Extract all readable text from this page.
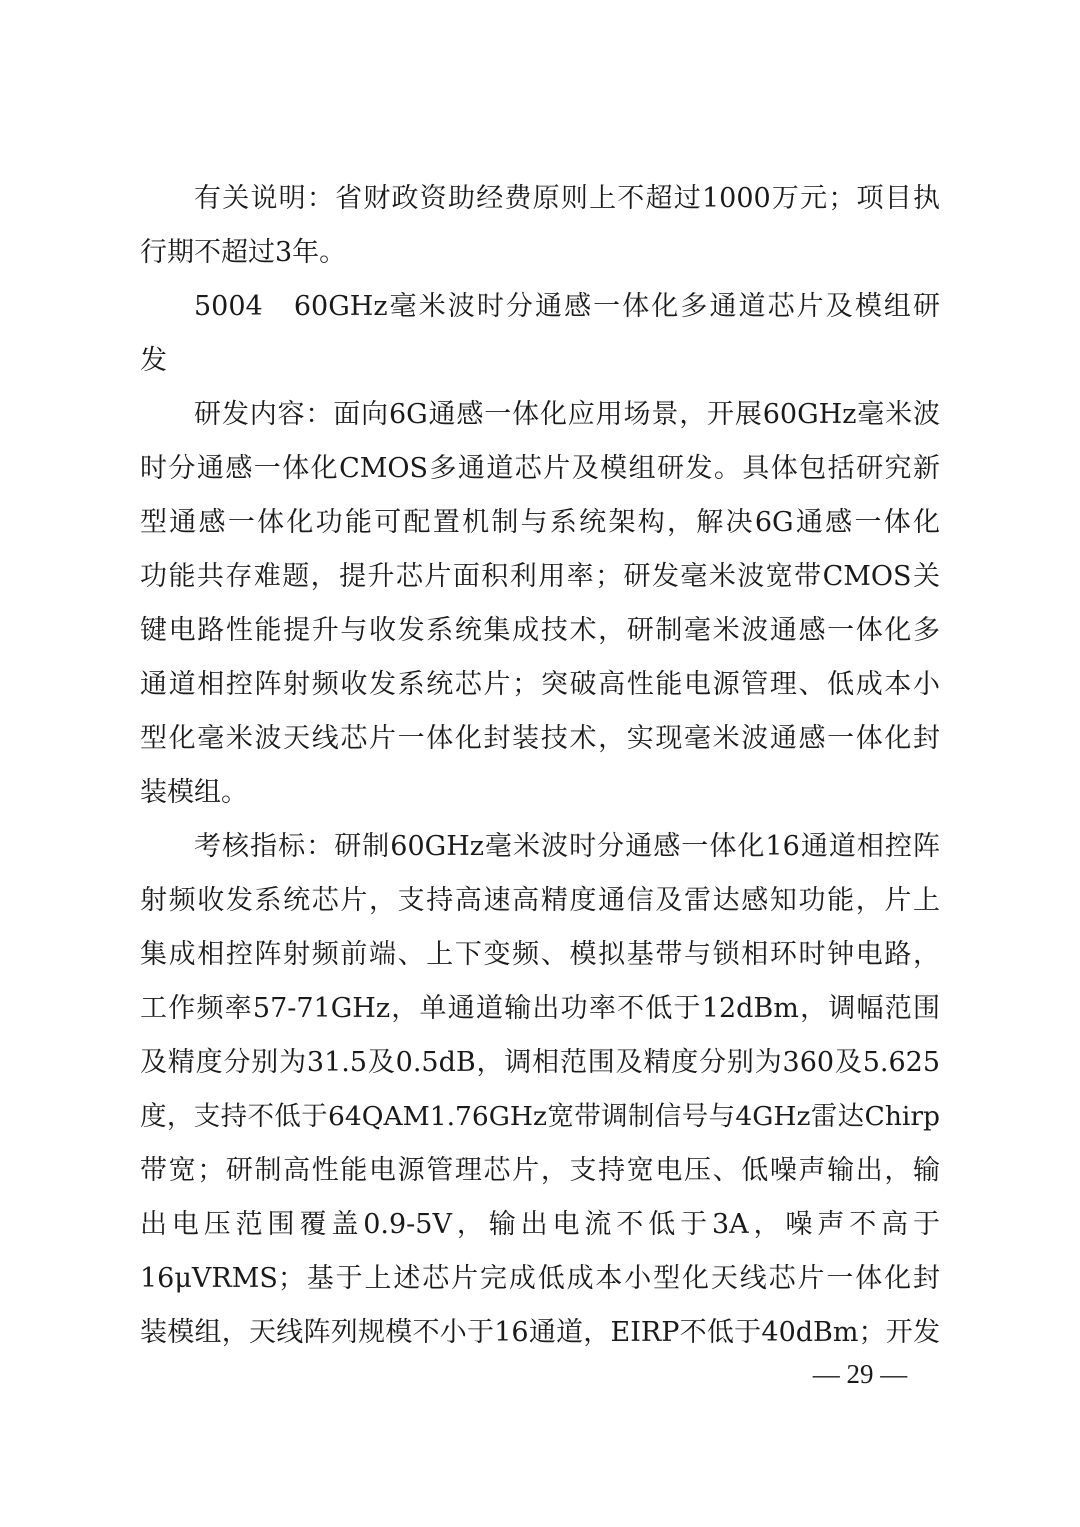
有关说明：省财政资助经费原则上不超过1000万元；项目执
行期不超过3年。
5004　60GHz毫米波时分通感一体化多通道芯片及模组研
发
研发内容：面向6G通感一体化应用场景，开展60GHz毫米波
时分通感一体化CMOS多通道芯片及模组研发。具体包括研究新
型通感一体化功能可配置机制与系统架构，解决6G通感一体化
功能共存难题，提升芯片面积利用率；研发毫米波宽带CMOS关
键电路性能提升与收发系统集成技术，研制毫米波通感一体化多
通道相控阵射频收发系统芯片；突破高性能电源管理、低成本小
型化毫米波天线芯片一体化封装技术，实现毫米波通感一体化封
装模组。
考核指标：研制60GHz毫米波时分通感一体化16通道相控阵
射频收发系统芯片，支持高速高精度通信及雷达感知功能，片上
集成相控阵射频前端、上下变频、模拟基带与锁相环时钟电路，
工作频率57-71GHz，单通道输出功率不低于12dBm，调幅范围
及精度分别为31.5及0.5dB，调相范围及精度分别为360及5.625
度，支持不低于64QAM1.76GHz宽带调制信号与4GHz雷达Chirp
带宽；研制高性能电源管理芯片，支持宽电压、低噪声输出，输
出电压范围覆盖0.9-5V，输出电流不低于3A，噪声不高于
16μVRMS；基于上述芯片完成低成本小型化天线芯片一体化封
装模组，天线阵列规模不小于16通道，EIRP不低于40dBm；开发
— 29 —
